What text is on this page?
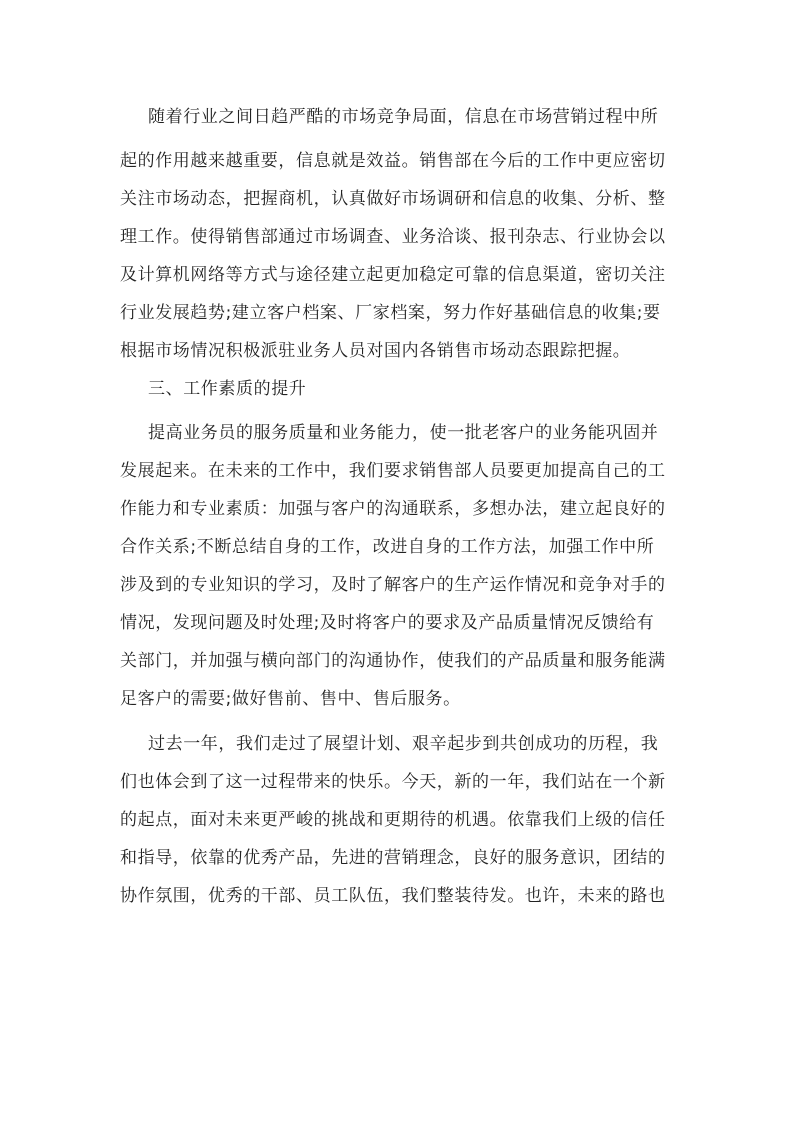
随着行业之间日趋严酷的市场竞争局面，信息在市场营销过程中所
起的作用越来越重要，信息就是效益。销售部在今后的工作中更应密切
关注市场动态，把握商机，认真做好市场调研和信息的收集、分析、整
理工作。使得销售部通过市场调查、业务洽谈、报刊杂志、行业协会以
及计算机网络等方式与途径建立起更加稳定可靠的信息渠道，密切关注
行业发展趋势;建立客户档案、厂家档案，努力作好基础信息的收集;要
根据市场情况积极派驻业务人员对国内各销售市场动态跟踪把握。
三、工作素质的提升
提高业务员的服务质量和业务能力，使一批老客户的业务能巩固并
发展起来。在未来的工作中，我们要求销售部人员要更加提高自己的工
作能力和专业素质：加强与客户的沟通联系，多想办法，建立起良好的
合作关系;不断总结自身的工作，改进自身的工作方法，加强工作中所
涉及到的专业知识的学习，及时了解客户的生产运作情况和竞争对手的
情况，发现问题及时处理;及时将客户的要求及产品质量情况反馈给有
关部门，并加强与横向部门的沟通协作，使我们的产品质量和服务能满
足客户的需要;做好售前、售中、售后服务。
过去一年，我们走过了展望计划、艰辛起步到共创成功的历程，我
们也体会到了这一过程带来的快乐。今天，新的一年，我们站在一个新
的起点，面对未来更严峻的挑战和更期待的机遇。依靠我们上级的信任
和指导，依靠的优秀产品，先进的营销理念，良好的服务意识，团结的
协作氛围，优秀的干部、员工队伍，我们整装待发。也许，未来的路也
